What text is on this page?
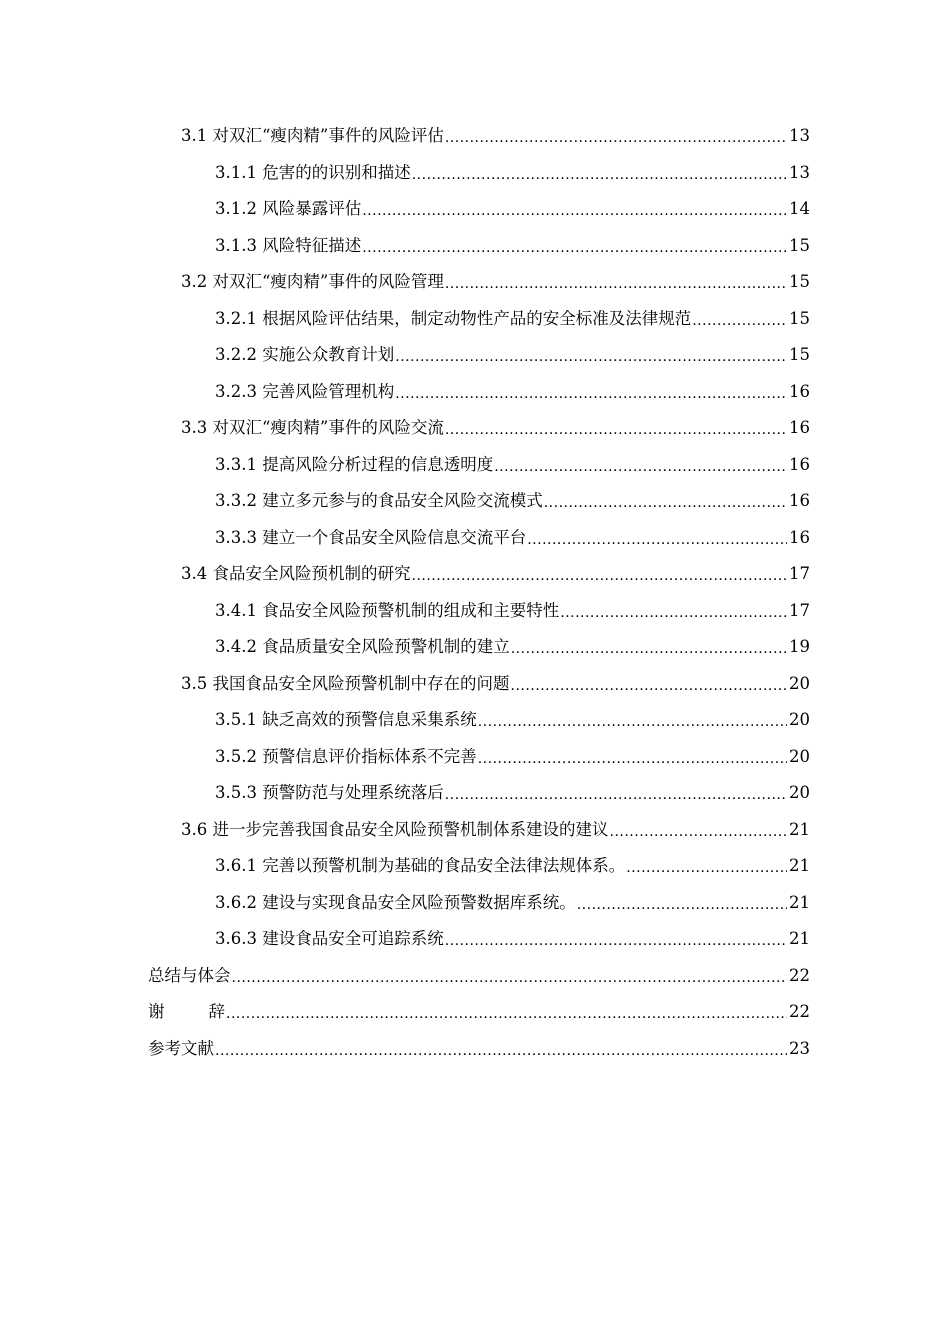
3.1 对双汇“瘦肉精”事件的风险评估 .....	13
3.1.1 危害的的识别和描述 .....	13
3.1.2 风险暴露评估 .....	14
3.1.3 风险特征描述 .....	15
3.2 对双汇“瘦肉精”事件的风险管理 .....	15
3.2.1 根据风险评估结果，制定动物性产品的安全标准及法律规范 .....	15
3.2.2 实施公众教育计划 .....	15
3.2.3 完善风险管理机构 .....	16
3.3 对双汇“瘦肉精”事件的风险交流 .....	16
3.3.1 提高风险分析过程的信息透明度 .....	16
3.3.2 建立多元参与的食品安全风险交流模式 .....	16
3.3.3 建立一个食品安全风险信息交流平台 .....	16
3.4 食品安全风险预机制的研究 .....	17
3.4.1 食品安全风险预警机制的组成和主要特性 .....	17
3.4.2 食品质量安全风险预警机制的建立 .....	19
3.5 我国食品安全风险预警机制中存在的问题 .....	20
3.5.1 缺乏高效的预警信息采集系统 .....	20
3.5.2 预警信息评价指标体系不完善 .....	20
3.5.3 预警防范与处理系统落后 .....	20
3.6 进一步完善我国食品安全风险预警机制体系建设的建议 .....	21
3.6.1 完善以预警机制为基础的食品安全法律法规体系。 .....	21
3.6.2 建设与实现食品安全风险预警数据库系统。 .....	21
3.6.3 建设食品安全可追踪系统 .....	21
总结与体会 .....	22
谢	辞 .....	22
参考文献 .....	23
